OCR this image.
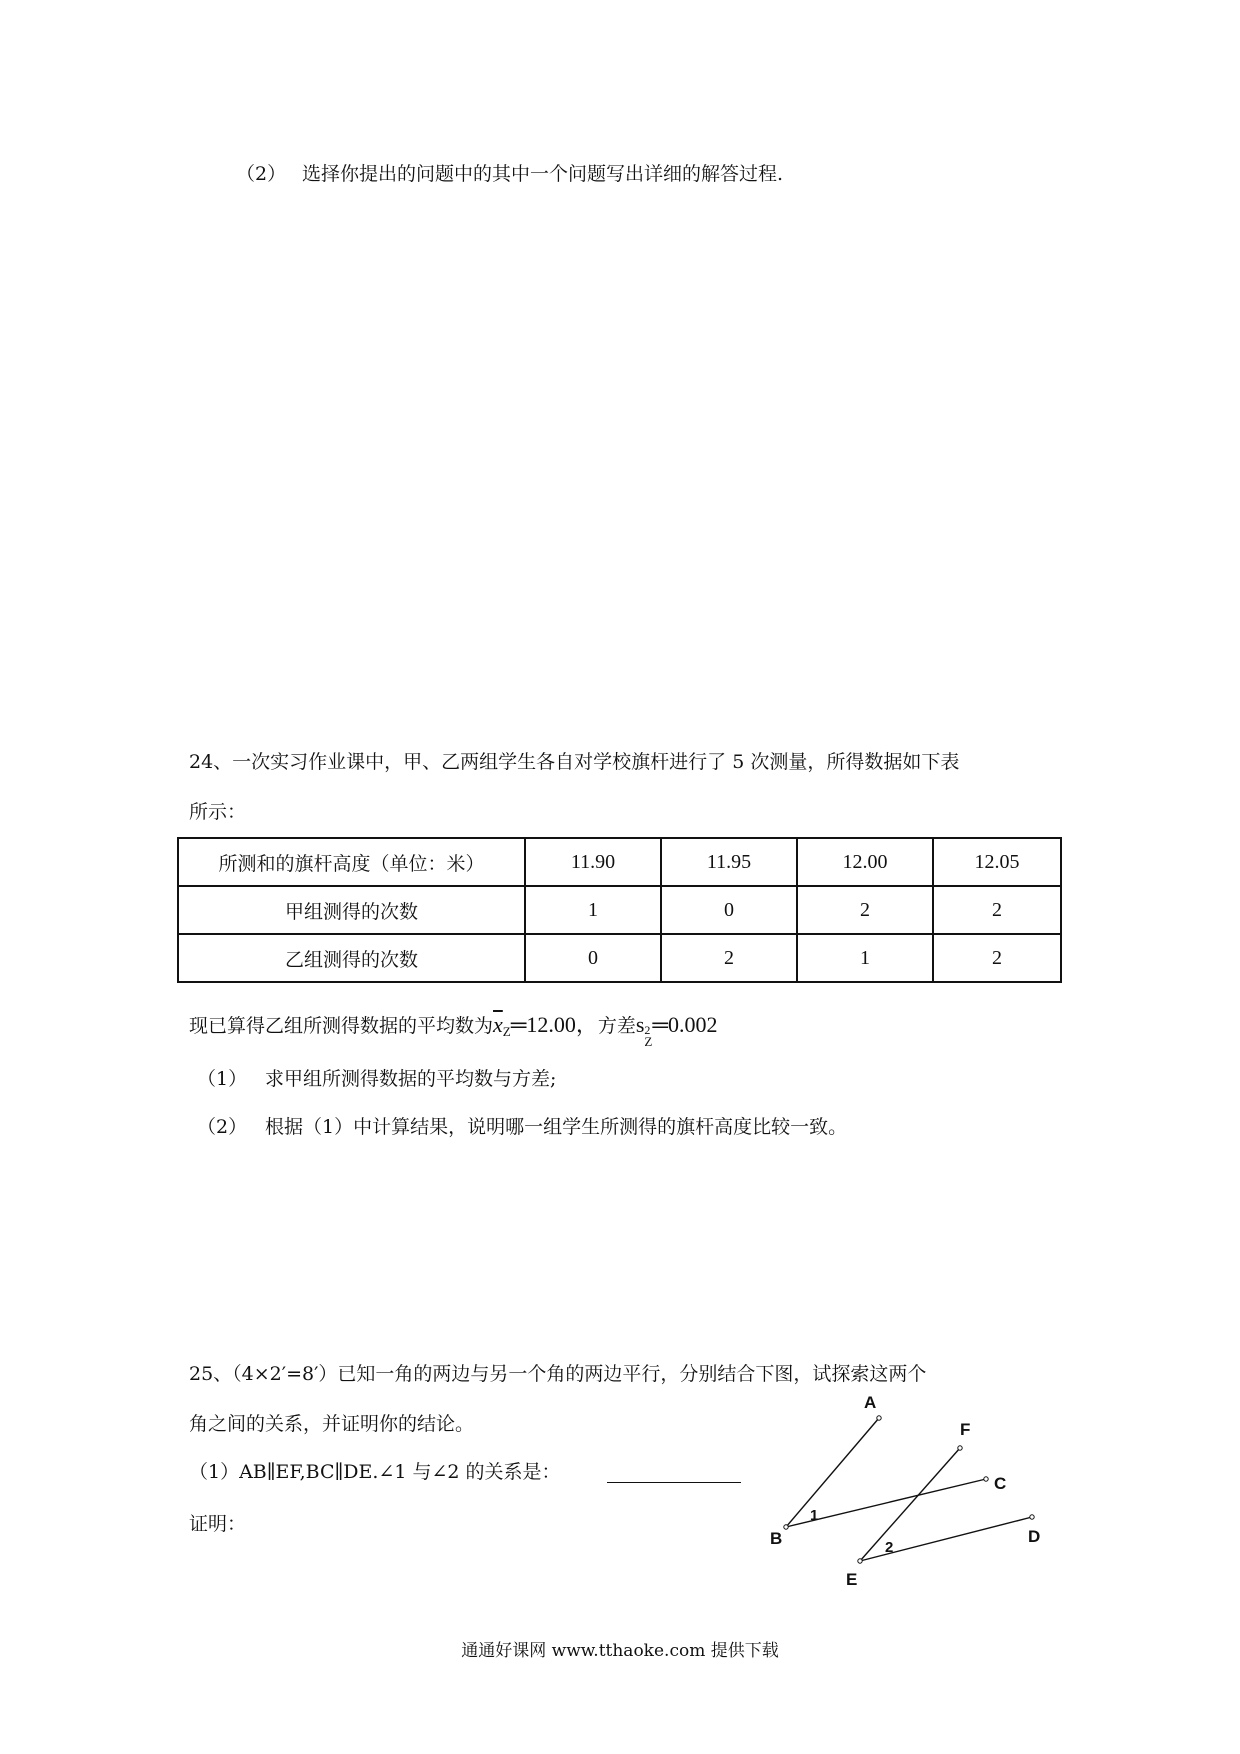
（2） 选择你提出的问题中的其中一个问题写出详细的解答过程.
24、一次实习作业课中，甲、乙两组学生各自对学校旗杆进行了 5 次测量，所得数据如下表
所示：
所测和的旗杆高度（单位：米）	11.90	11.95	12.00	12.05
甲组测得的次数	1	0	2	2
乙组测得的次数	0	2	1	2
现已算得乙组所测得数据的平均数为$\overline{x}_Z═12.00$，方差s 2
Z
═0.002
（1） 求甲组所测得数据的平均数与方差;
（2） 根据（1）中计算结果，说明哪一组学生所测得的旗杆高度比较一致。
25、（4×2′=8′）已知一角的两边与另一个角的两边平行，分别结合下图，试探索这两个
角之间的关系，并证明你的结论。
（1）AB∥EF,BC∥DE.∠1 与∠2 的关系是：
证明：
A
B
C
D
E
F
1
2
通通好课网 www.tthaoke.com 提供下载
